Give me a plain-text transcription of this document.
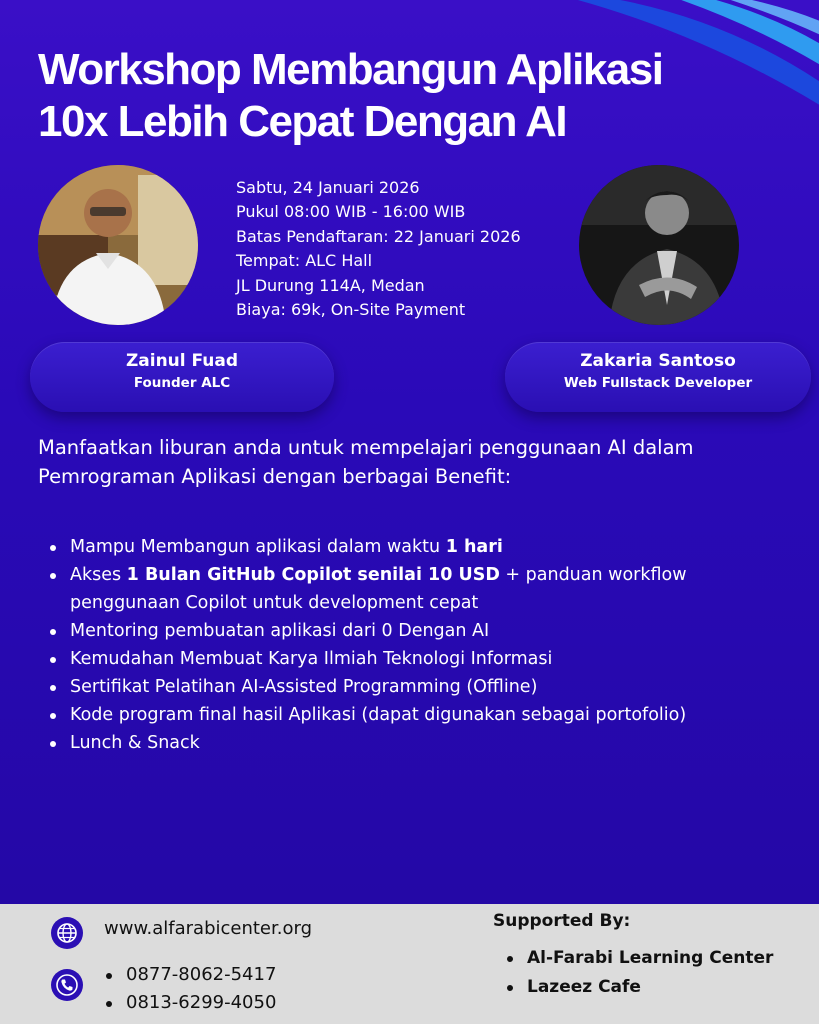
Workshop Membangun Aplikasi
10x Lebih Cepat Dengan AI
Sabtu, 24 Januari 2026
Pukul 08:00 WIB - 16:00 WIB
Batas Pendaftaran: 22 Januari 2026
Tempat: ALC Hall
JL Durung 114A, Medan
Biaya: 69k, On-Site Payment
Zainul Fuad
Founder ALC
Zakaria Santoso
Web Fullstack Developer

Manfaatkan liburan anda untuk mempelajari penggunaan AI dalam Pemrograman Aplikasi dengan berbagai Benefit:

Mampu Membangun aplikasi dalam waktu 1 hari
Akses 1 Bulan GitHub Copilot senilai 10 USD + panduan workflow penggunaan Copilot untuk development cepat
Mentoring pembuatan aplikasi dari 0 Dengan AI
Kemudahan Membuat Karya Ilmiah Teknologi Informasi
Sertifikat Pelatihan AI-Assisted Programming (Offline)
Kode program final hasil Aplikasi (dapat digunakan sebagai portofolio)
Lunch & Snack
www.alfarabicenter.org
0877-8062-5417
0813-6299-4050
Supported By:
Al-Farabi Learning Center
Lazeez Cafe
